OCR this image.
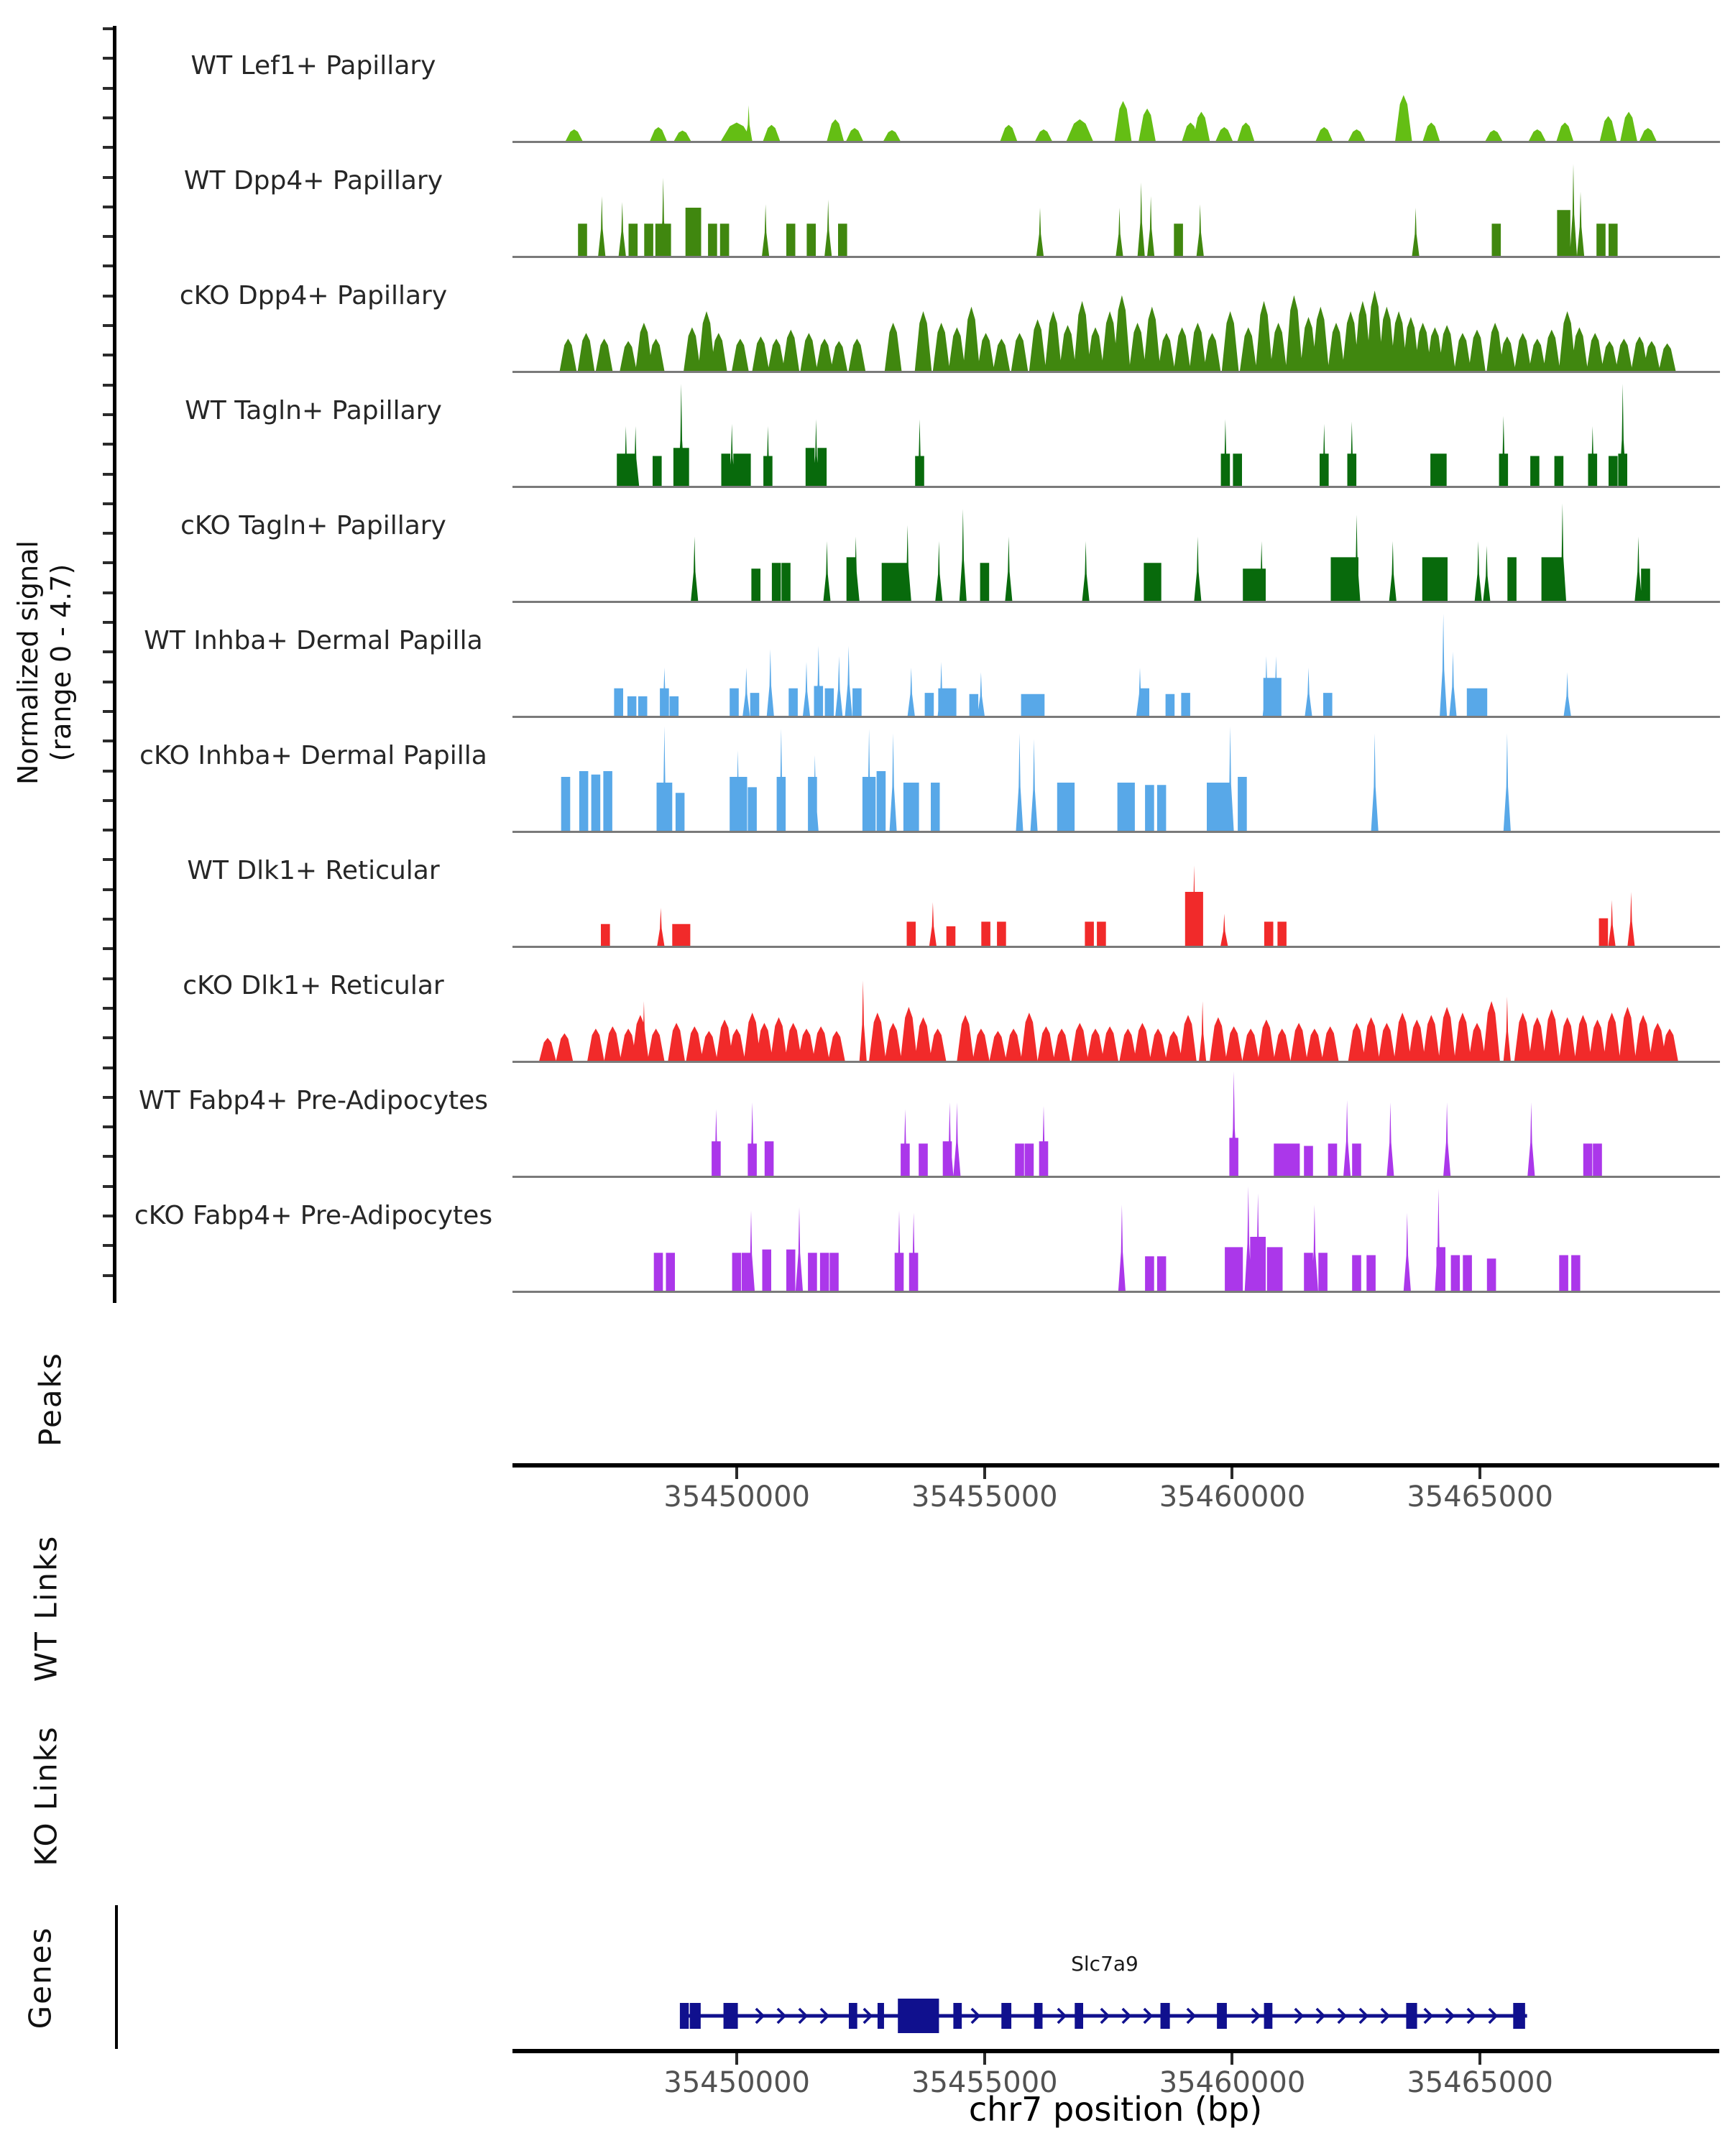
Normalized signal (range 0 - 4.7)
WT Lef1+ Papillary
WT Dpp4+ Papillary
cKO Dpp4+ Papillary
WT Tagln+ Papillary
cKO Tagln+ Papillary
WT Inhba+ Dermal Papilla
cKO Inhba+ Dermal Papilla
WT Dlk1+ Reticular
cKO Dlk1+ Reticular
WT Fabp4+ Pre-Adipocytes
cKO Fabp4+ Pre-Adipocytes
Peaks
35450000	35455000	35460000	35465000
WT Links
KO Links
Genes	Slc7a9
35450000	35455000	35460000	35465000
chr7 position (bp)
